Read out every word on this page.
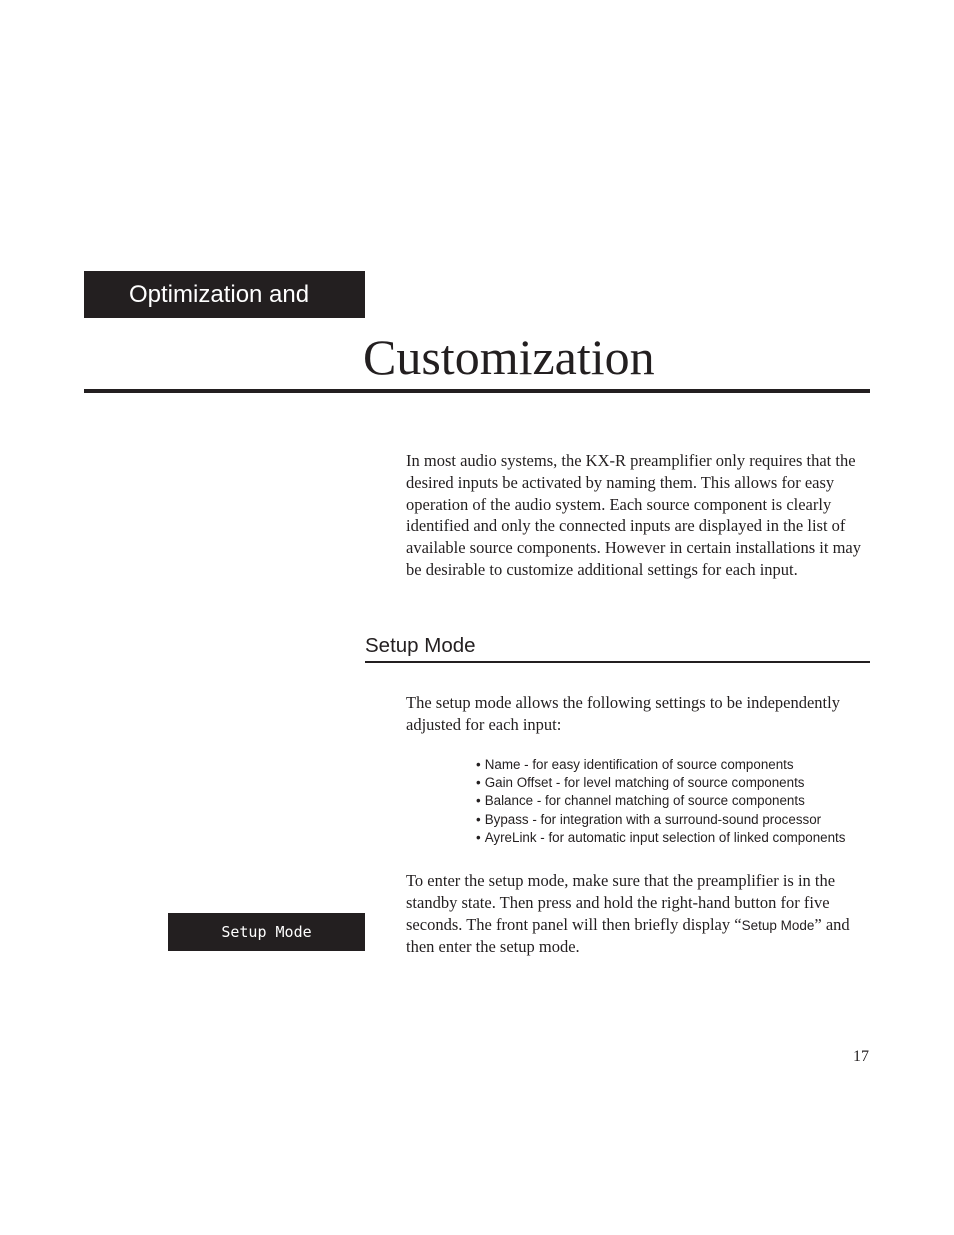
Optimization and
Customization

In most audio systems, the KX-R preamplifier only requires that the desired inputs be activated by naming them. This allows for easy operation of the audio system. Each source component is clearly identified and only the connected inputs are displayed in the list of available source components. However in certain installations it may be desirable to customize additional settings for each input.

Setup Mode

The setup mode allows the following settings to be independently adjusted for each input:

• Name - for easy identification of source components
• Gain Offset - for level matching of source components
• Balance - for channel matching of source components
• Bypass - for integration with a surround-sound processor
• AyreLink - for automatic input selection of linked components

To enter the setup mode, make sure that the preamplifier is in the standby state. Then press and hold the right-hand button for five seconds. The front panel will then briefly display “Setup Mode” and then enter the setup mode.

Setup Mode
17
